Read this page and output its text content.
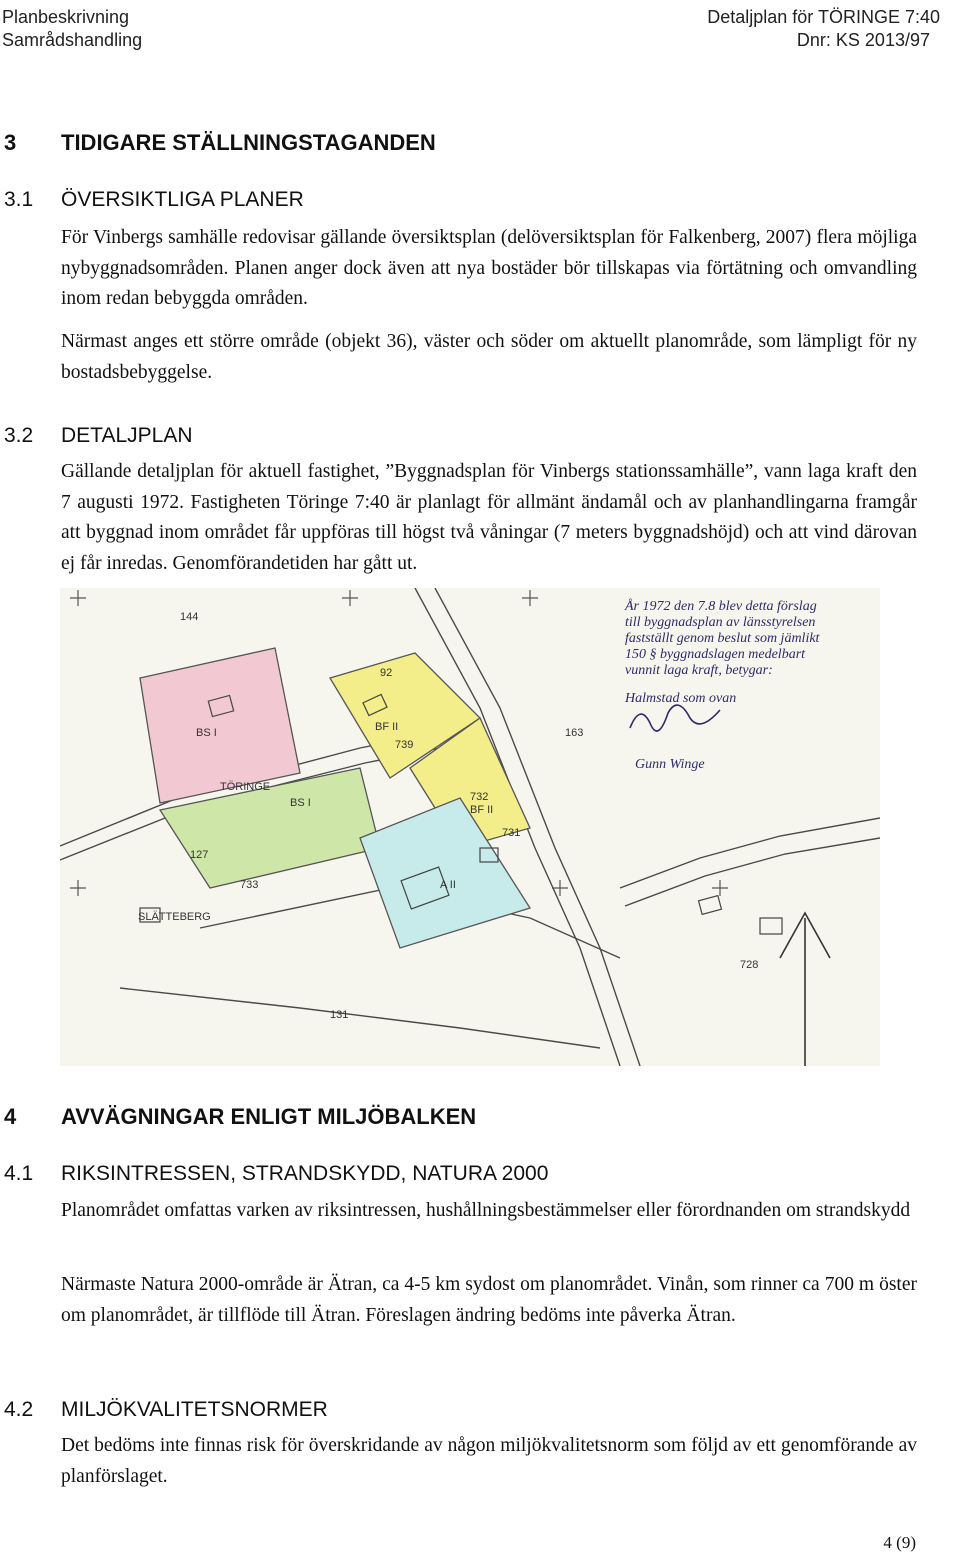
Planbeskrivning
Samrådshandling
Detaljplan för TÖRINGE 7:40
Dnr: KS 2013/97
3 TIDIGARE STÄLLNINGSTAGANDEN
3.1 ÖVERSIKTLIGA PLANER

För Vinbergs samhälle redovisar gällande översiktsplan (delöversiktsplan för Falkenberg, 2007) flera möjliga nybyggnadsområden. Planen anger dock även att nya bostäder bör tillskapas via förtätning och omvandling inom redan bebyggda områden.

Närmast anges ett större område (objekt 36), väster och söder om aktuellt planområde, som lämpligt för ny bostadsbebyggelse.

3.2 DETALJPLAN

Gällande detaljplan för aktuell fastighet, ”Byggnadsplan för Vinbergs stationssamhälle”, vann laga kraft den 7 augusti 1972. Fastigheten Töringe 7:40 är planlagt för allmänt ändamål och av planhandlingarna framgår att byggnad inom området får uppföras till högst två våningar (7 meters byggnadshöjd) och att vind därovan ej får inredas. Genomförandetiden har gått ut.

BS I
BS I
BF II
BF II
A II
TÖRINGE
SLÄTTEBERG
144
92
739
163
732
731
733
127
728
131
År 1972 den 7.8 blev detta förslag
till byggnadsplan av länsstyrelsen
fastställt genom beslut som jämlikt
150 § byggnadslagen medelbart
vunnit laga kraft, betygar:
Halmstad som ovan
Gunn Winge
4 AVVÄGNINGAR ENLIGT MILJÖBALKEN
4.1 RIKSINTRESSEN, STRANDSKYDD, NATURA 2000

Planområdet omfattas varken av riksintressen, hushållningsbestämmelser eller förordnanden om strandskydd

Närmaste Natura 2000-område är Ätran, ca 4-5 km sydost om planområdet. Vinån, som rinner ca 700 m öster om planområdet, är tillflöde till Ätran. Föreslagen ändring bedöms inte påverka Ätran.

4.2 MILJÖKVALITETSNORMER

Det bedöms inte finnas risk för överskridande av någon miljökvalitetsnorm som följd av ett genomförande av planförslaget.

4 (9)
